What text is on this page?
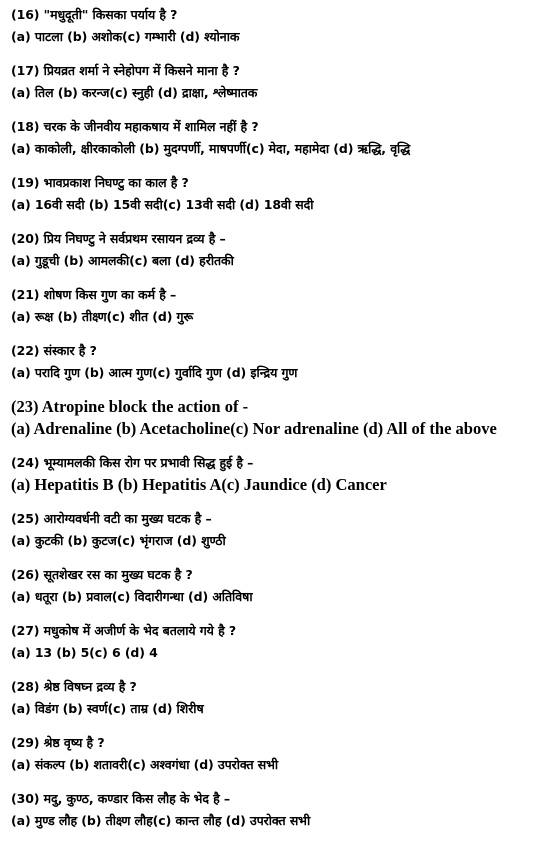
(16) "मधुदूती" किसका पर्याय है ?
(a) पाटला (b) अशोक(c) गम्भारी (d) श्योनाक
(17) प्रियव्रत शर्मा ने स्नेहोपग में किसने माना है ?
(a) तिल (b) करन्ज(c) स्नुही (d) द्राक्षा, श्लेष्मातक
(18) चरक के जीनवीय महाकषाय में शामिल नहीं है ?
(a) काकोली, क्षीरकाकोली (b) मुदग्पर्णी, माषपर्णी(c) मेदा, महामेदा (d) ऋद्धि, वृद्धि
(19) भावप्रकाश निघण्टु का काल है ?
(a) 16वी सदी (b) 15वी सदी(c) 13वी सदी (d) 18वी सदी
(20) प्रिय निघण्टु ने सर्वप्रथम रसायन द्रव्य है –
(a) गुडूची (b) आमलकी(c) बला (d) हरीतकी
(21) शोषण किस गुण का कर्म है –
(a) रूक्ष (b) तीक्ष्ण(c) शीत (d) गुरू
(22) संस्कार है ?
(a) परादि गुण (b) आत्म गुण(c) गुर्वादि गुण (d) इन्द्रिय गुण
(23) Atropine block the action of -
(a) Adrenaline (b) Acetacholine(c) Nor adrenaline (d) All of the above
(24) भूम्यामलकी किस रोग पर प्रभावी सिद्ध हुई है –
(a) Hepatitis B (b) Hepatitis A(c) Jaundice (d) Cancer
(25) आरोग्यवर्धनी वटी का मुख्य घटक है –
(a) कुटकी (b) कुटज(c) भृंगराज (d) शुण्ठी
(26) सूतशेखर रस का मुख्य घटक है ?
(a) धतूरा (b) प्रवाल(c) विदारीगन्धा (d) अतिविषा
(27) मधुकोष में अजीर्ण के भेद बतलाये गये है ?
(a) 13 (b) 5(c) 6 (d) 4
(28) श्रेष्ठ विषघ्न द्रव्य है ?
(a) विडंग (b) स्वर्ण(c) ताम्र (d) शिरीष
(29) श्रेष्ठ वृष्य है ?
(a) संकल्प (b) शतावरी(c) अश्वगंधा (d) उपरोक्त सभी
(30) मदु, कुण्ठ, कण्डार किस लौह के भेद है –
(a) मुण्ड लौह (b) तीक्ष्ण लौह(c) कान्त लौह (d) उपरोक्त सभी
